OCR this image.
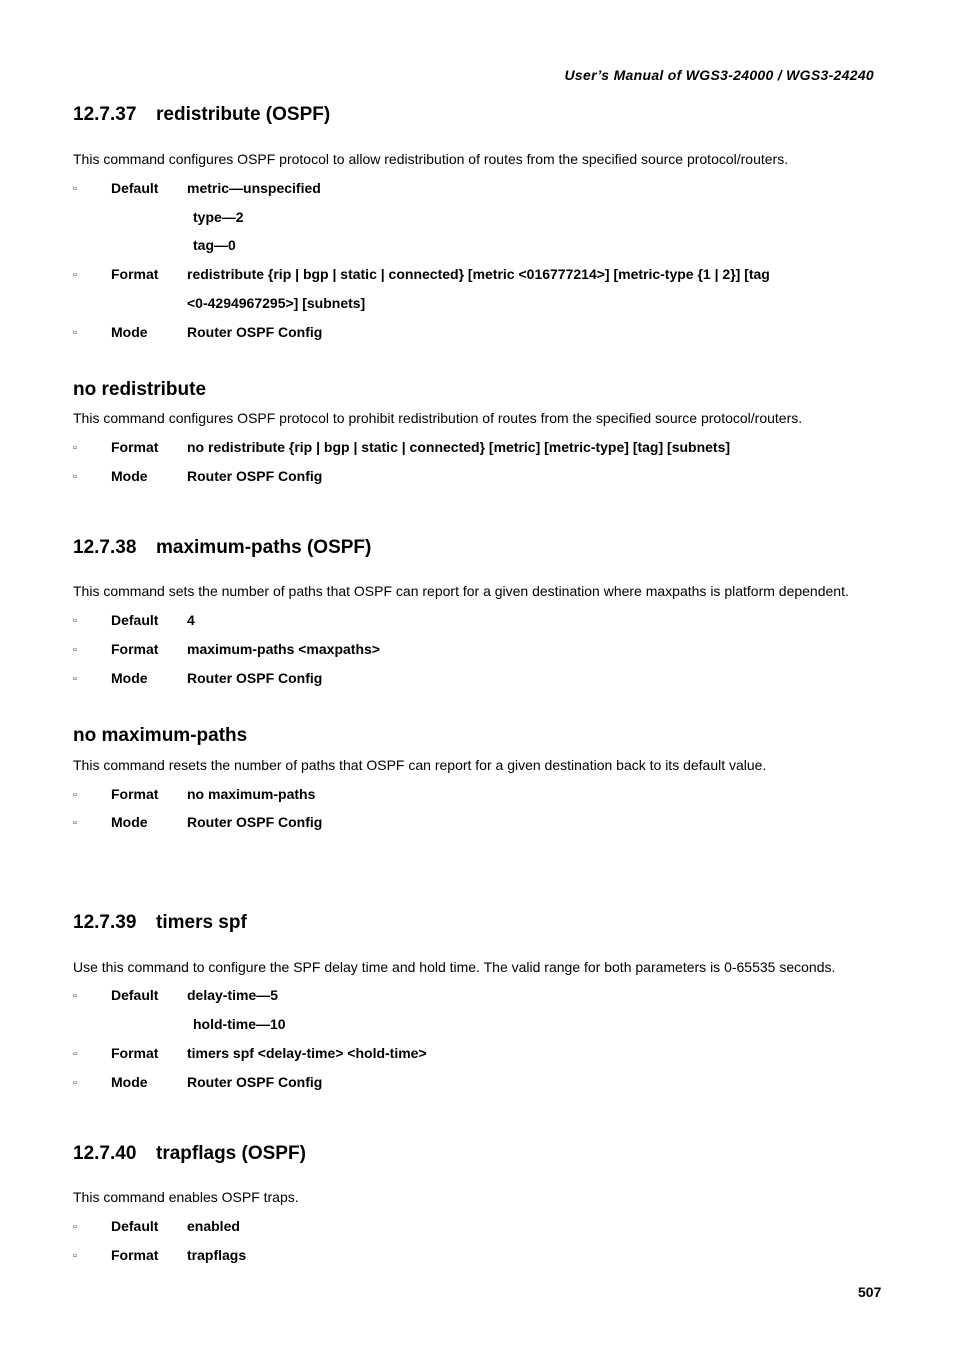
User’s Manual of WGS3-24000 / WGS3-24240
12.7.37 redistribute (OSPF)
This command configures OSPF protocol to allow redistribution of routes from the specified source protocol/routers.
▫ Default metric—unspecified
type—2
tag—0
▫ Format redistribute {rip | bgp | static | connected} [metric <016777214>] [metric-type {1 | 2}] [tag
<0-4294967295>] [subnets]
▫ Mode	Router OSPF Config
no redistribute
This command configures OSPF protocol to prohibit redistribution of routes from the specified source protocol/routers.
▫ Format no redistribute {rip | bgp | static | connected} [metric] [metric-type] [tag] [subnets]
▫ Mode	Router OSPF Config
12.7.38 maximum-paths (OSPF)
This command sets the number of paths that OSPF can report for a given destination where maxpaths is platform dependent.
▫ Default 4
▫ Format maximum-paths <maxpaths>
▫ Mode	Router OSPF Config
no maximum-paths
This command resets the number of paths that OSPF can report for a given destination back to its default value.
▫ Format no maximum-paths
▫ Mode	Router OSPF Config
12.7.39 timers spf
Use this command to configure the SPF delay time and hold time. The valid range for both parameters is 0-65535 seconds.
▫ Default delay-time—5
hold-time—10
▫ Format timers spf <delay-time> <hold-time>
▫ Mode	Router OSPF Config
12.7.40 trapflags (OSPF)
This command enables OSPF traps.
▫ Default enabled
▫ Format trapflags
507
